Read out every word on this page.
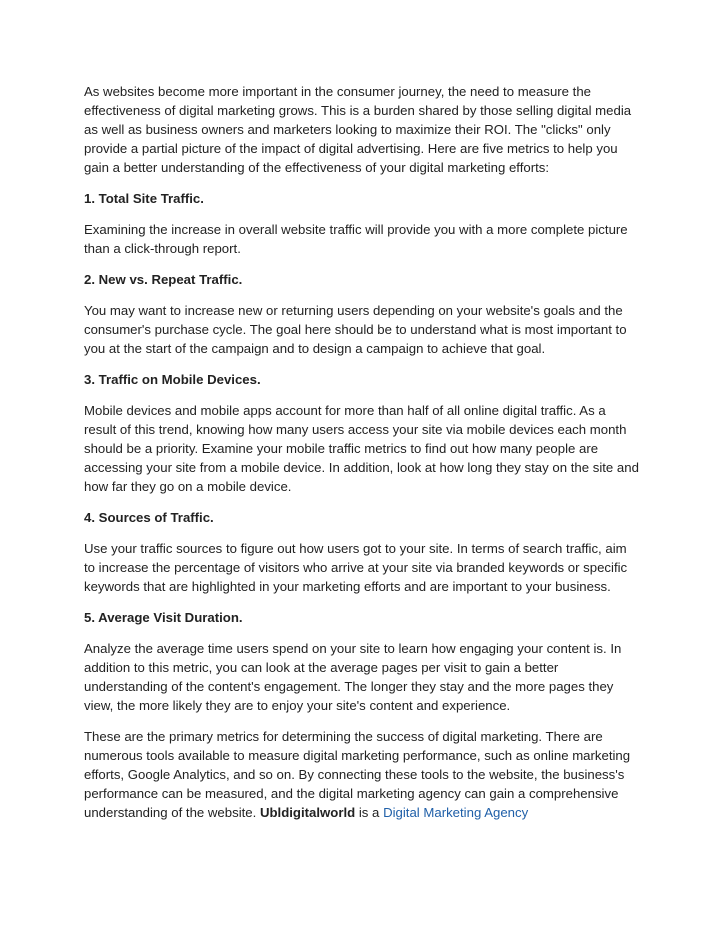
As websites become more important in the consumer journey, the need to measure the effectiveness of digital marketing grows. This is a burden shared by those selling digital media as well as business owners and marketers looking to maximize their ROI. The "clicks" only provide a partial picture of the impact of digital advertising. Here are five metrics to help you gain a better understanding of the effectiveness of your digital marketing efforts:

1. Total Site Traffic.

Examining the increase in overall website traffic will provide you with a more complete picture than a click-through report.

2. New vs. Repeat Traffic.

You may want to increase new or returning users depending on your website's goals and the consumer's purchase cycle. The goal here should be to understand what is most important to you at the start of the campaign and to design a campaign to achieve that goal.

3. Traffic on Mobile Devices.

Mobile devices and mobile apps account for more than half of all online digital traffic. As a result of this trend, knowing how many users access your site via mobile devices each month should be a priority. Examine your mobile traffic metrics to find out how many people are accessing your site from a mobile device. In addition, look at how long they stay on the site and how far they go on a mobile device.

4. Sources of Traffic.

Use your traffic sources to figure out how users got to your site. In terms of search traffic, aim to increase the percentage of visitors who arrive at your site via branded keywords or specific keywords that are highlighted in your marketing efforts and are important to your business.

5. Average Visit Duration.

Analyze the average time users spend on your site to learn how engaging your content is. In addition to this metric, you can look at the average pages per visit to gain a better understanding of the content's engagement. The longer they stay and the more pages they view, the more likely they are to enjoy your site's content and experience.

These are the primary metrics for determining the success of digital marketing. There are numerous tools available to measure digital marketing performance, such as online marketing efforts, Google Analytics, and so on. By connecting these tools to the website, the business's performance can be measured, and the digital marketing agency can gain a comprehensive understanding of the website. Ubldigitalworld is a Digital Marketing Agency
